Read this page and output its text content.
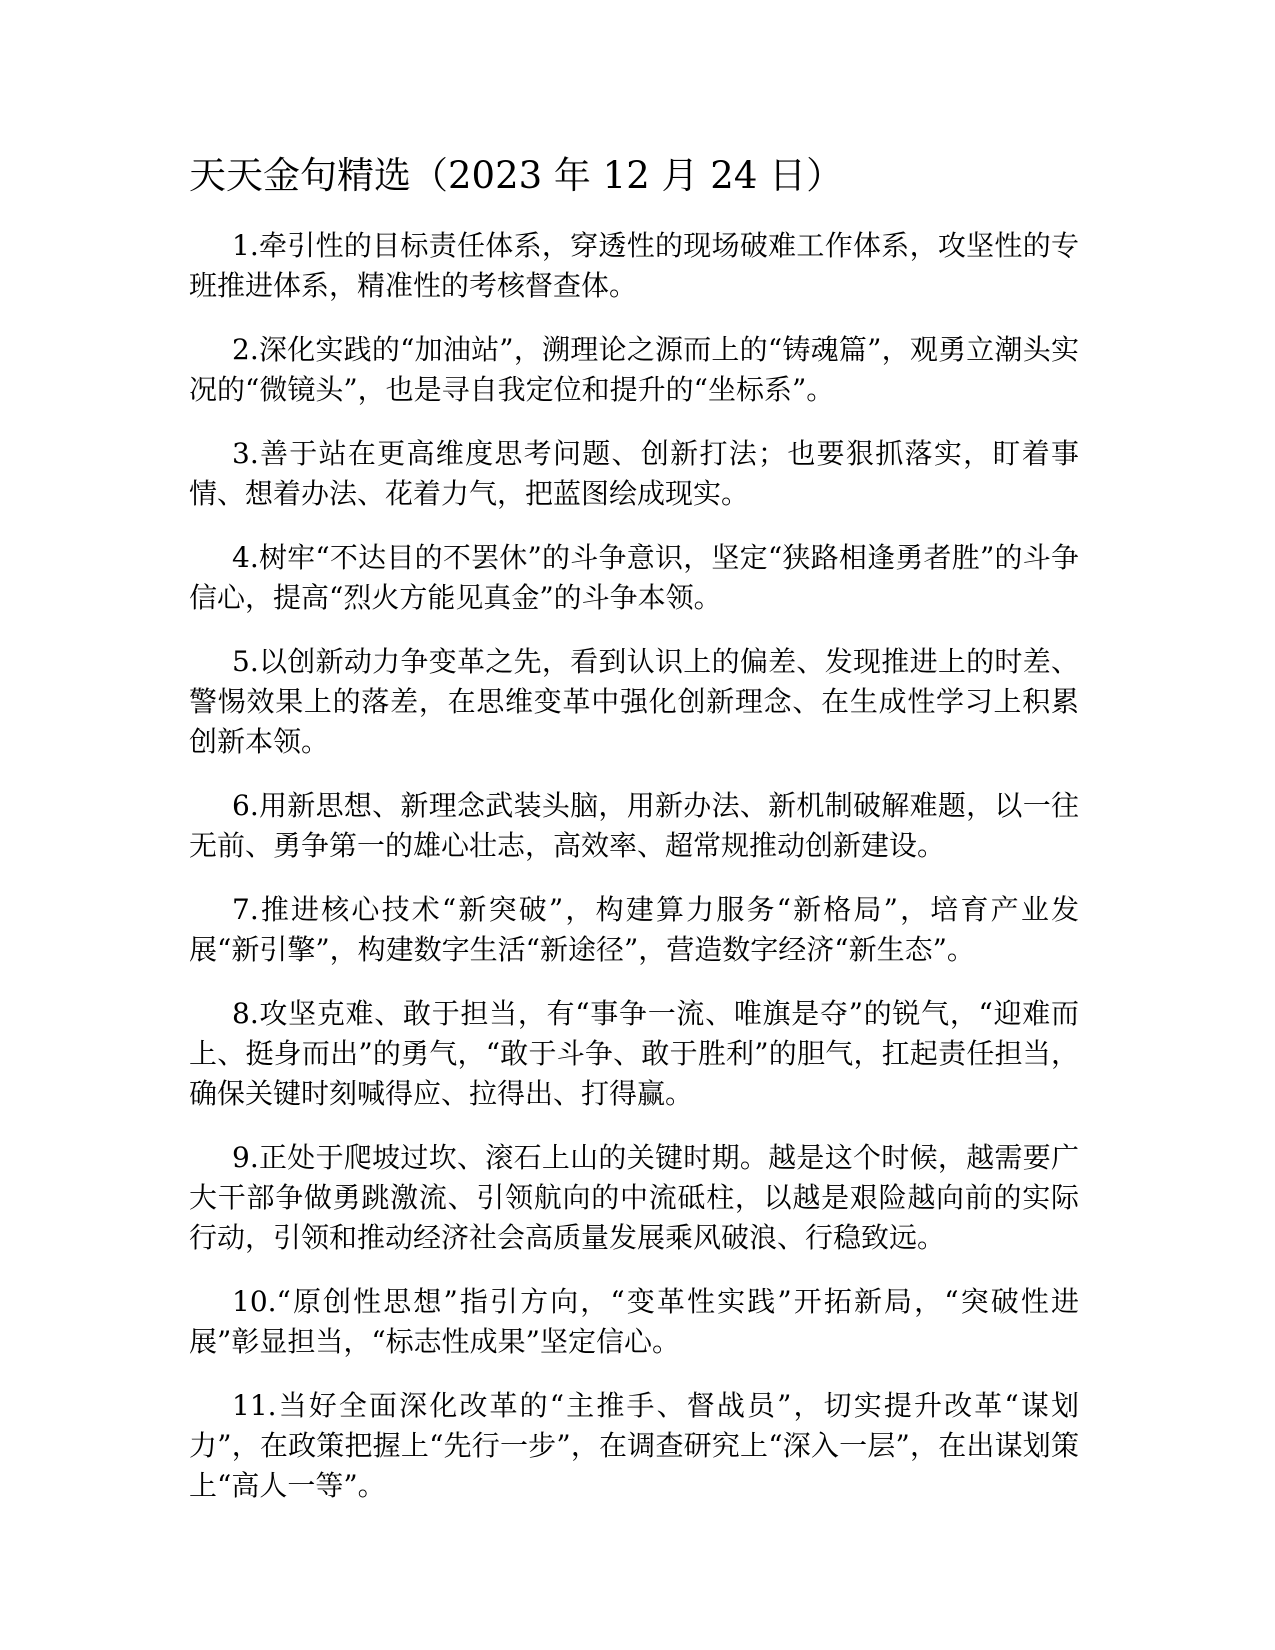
天天金句精选（2023 年 12 月 24 日）

1.牵引性的目标责任体系，穿透性的现场破难工作体系，攻坚性的专班推进体系，精准性的考核督查体。

2.深化实践的“加油站”，溯理论之源而上的“铸魂篇”，观勇立潮头实况的“微镜头”，也是寻自我定位和提升的“坐标系”。

3.善于站在更高维度思考问题、创新打法；也要狠抓落实，盯着事情、想着办法、花着力气，把蓝图绘成现实。

4.树牢“不达目的不罢休”的斗争意识，坚定“狭路相逢勇者胜”的斗争信心，提高“烈火方能见真金”的斗争本领。

5.以创新动力争变革之先，看到认识上的偏差、发现推进上的时差、警惕效果上的落差，在思维变革中强化创新理念、在生成性学习上积累创新本领。

6.用新思想、新理念武装头脑，用新办法、新机制破解难题，以一往无前、勇争第一的雄心壮志，高效率、超常规推动创新建设。

7.推进核心技术“新突破”，构建算力服务“新格局”，培育产业发展“新引擎”，构建数字生活“新途径”，营造数字经济“新生态”。

8.攻坚克难、敢于担当，有“事争一流、唯旗是夺”的锐气，“迎难而上、挺身而出”的勇气，“敢于斗争、敢于胜利”的胆气，扛起责任担当，确保关键时刻喊得应、拉得出、打得赢。

9.正处于爬坡过坎、滚石上山的关键时期。越是这个时候，越需要广大干部争做勇跳激流、引领航向的中流砥柱，以越是艰险越向前的实际行动，引领和推动经济社会高质量发展乘风破浪、行稳致远。

10.“原创性思想”指引方向，“变革性实践”开拓新局，“突破性进展”彰显担当，“标志性成果”坚定信心。

11.当好全面深化改革的“主推手、督战员”，切实提升改革“谋划力”，在政策把握上“先行一步”，在调查研究上“深入一层”，在出谋划策上“高人一等”。
